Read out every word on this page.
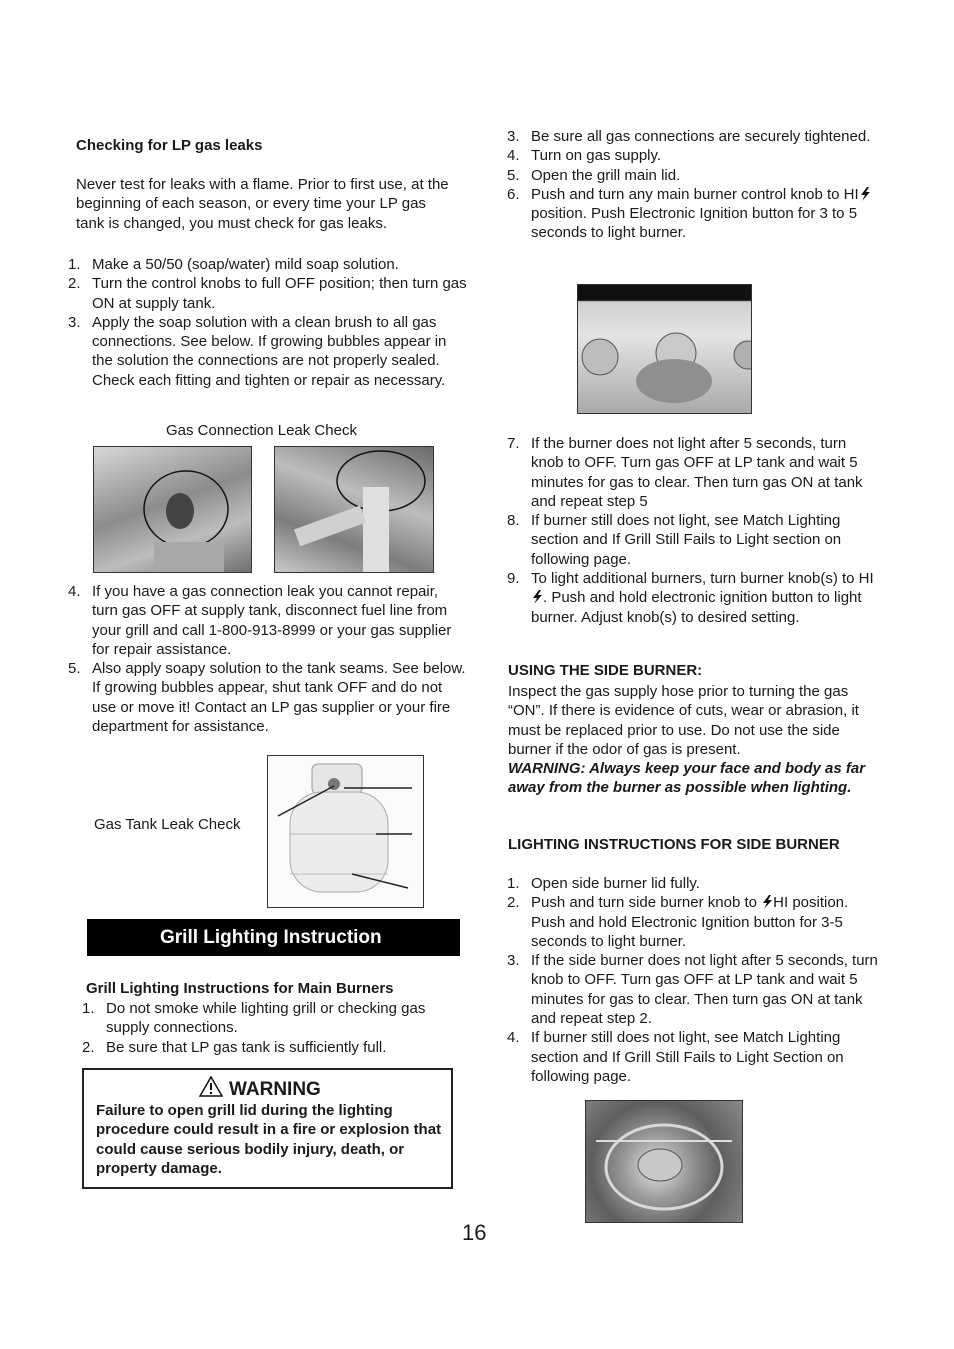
Checking for LP gas leaks

Never test for leaks with a flame. Prior to first use, at the beginning of each season, or every time your LP gas tank is changed, you must check for gas leaks.

1. Make a 50/50 (soap/water) mild soap solution.
2. Turn the control knobs to full OFF position; then turn gas ON at supply tank.
3. Apply the soap solution with a clean brush to all gas connections. See below. If growing bubbles appear in the solution the connections are not properly sealed. Check each fitting and tighten or repair as necessary.
Gas Connection Leak Check
4. If you have a gas connection leak you cannot repair, turn gas OFF at supply tank, disconnect fuel line from your grill and call 1-800-913-8999 or your gas supplier for repair assistance.
5. Also apply soapy solution to the tank seams. See below. If growing bubbles appear, shut tank OFF and do not use or move it! Contact an LP gas supplier or your fire department for assistance.
Gas Tank Leak Check
Grill Lighting Instruction
Grill Lighting Instructions for Main Burners
1. Do not smoke while lighting grill or checking gas supply connections.
2. Be sure that LP gas tank is sufficiently full.
WARNING

Failure to open grill lid during the lighting procedure could result in a fire or explosion that could cause serious bodily injury, death, or property damage.

3. Be sure all gas connections are securely tightened.
4. Turn on gas supply.
5. Open the grill main lid.
6. Push and turn any main burner control knob to HIposition. Push Electronic Ignition button for 3 to 5 seconds to light burner.
7. If the burner does not light after 5 seconds, turn knob to OFF. Turn gas OFF at LP tank and wait 5 minutes for gas to clear. Then turn gas ON at tank and repeat step 5
8. If burner still does not light, see Match Lighting section and If Grill Still Fails to Light section on following page.
9. To light additional burners, turn burner knob(s) to HI. Push and hold electronic ignition button to light burner. Adjust knob(s) to desired setting.
USING THE SIDE BURNER:

Inspect the gas supply hose prior to turning the gas “ON”. If there is evidence of cuts, wear or abrasion, it must be replaced prior to use. Do not use the side burner if the odor of gas is present.

WARNING: Always keep your face and body as far away from the burner as possible when lighting.

LIGHTING INSTRUCTIONS FOR SIDE BURNER
1. Open side burner lid fully.
2. Push and turn side burner knob to HI position. Push and hold Electronic Ignition button for 3-5 seconds to light burner.
3. If the side burner does not light after 5 seconds, turn knob to OFF. Turn gas OFF at LP tank and wait 5 minutes for gas to clear. Then turn gas ON at tank and repeat step 2.
4. If burner still does not light, see Match Lighting section and If Grill Still Fails to Light Section on following page.
16
